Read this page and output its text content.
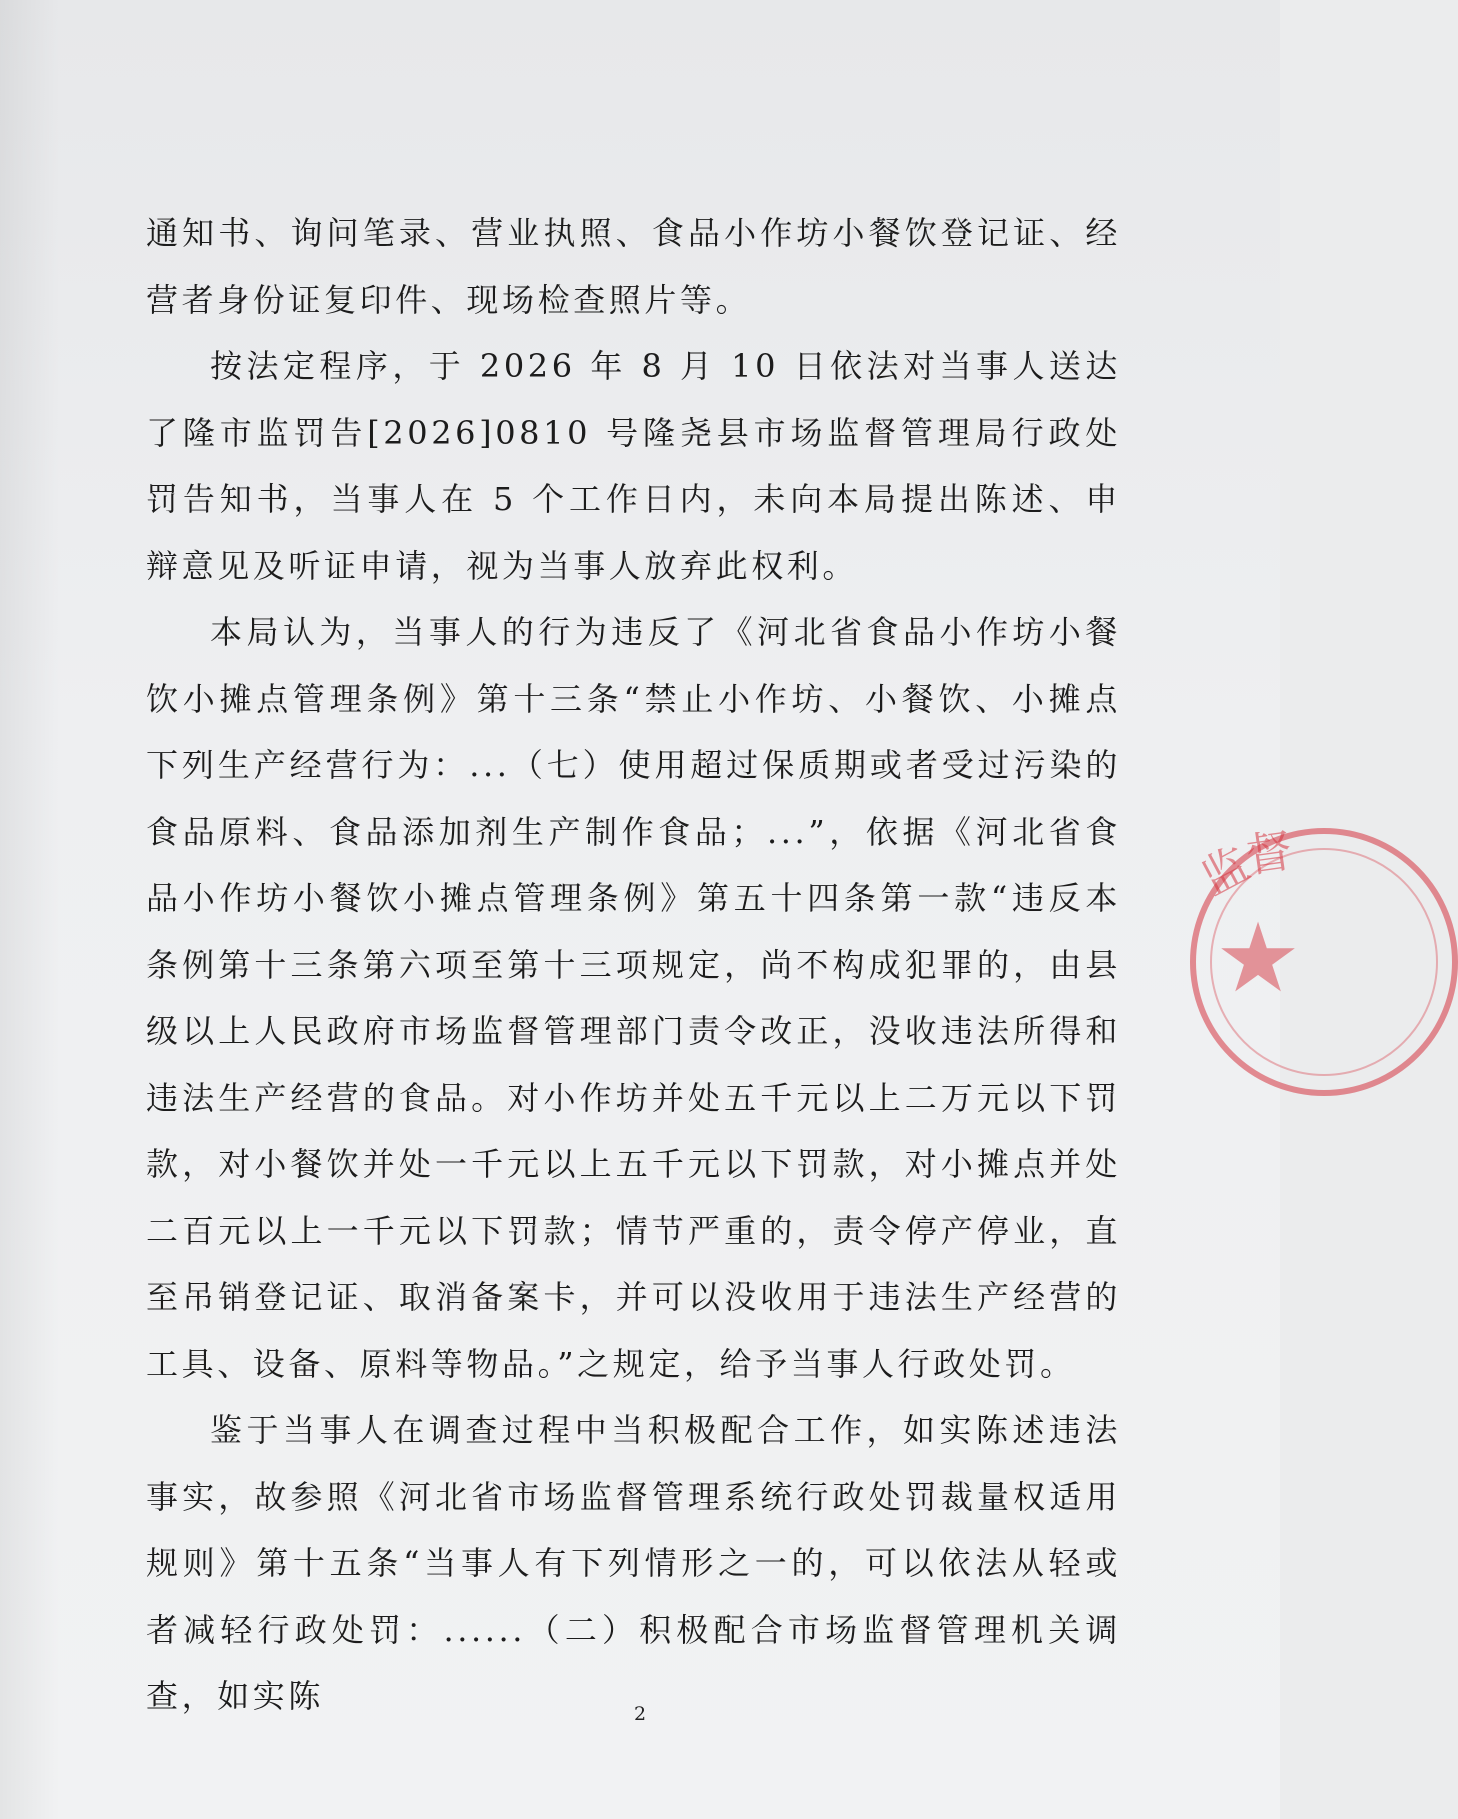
通知书、询问笔录、营业执照、食品小作坊小餐饮登记证、经营者身份证复印件、现场检查照片等。

按法定程序，于 2026 年 8 月 10 日依法对当事人送达了隆市监罚告[2026]0810 号隆尧县市场监督管理局行政处罚告知书，当事人在 5 个工作日内，未向本局提出陈述、申辩意见及听证申请，视为当事人放弃此权利。

本局认为，当事人的行为违反了《河北省食品小作坊小餐饮小摊点管理条例》第十三条“禁止小作坊、小餐饮、小摊点下列生产经营行为：...（七）使用超过保质期或者受过污染的食品原料、食品添加剂生产制作食品；...”，依据《河北省食品小作坊小餐饮小摊点管理条例》第五十四条第一款“违反本条例第十三条第六项至第十三项规定，尚不构成犯罪的，由县级以上人民政府市场监督管理部门责令改正，没收违法所得和违法生产经营的食品。对小作坊并处五千元以上二万元以下罚款，对小餐饮并处一千元以上五千元以下罚款，对小摊点并处二百元以上一千元以下罚款；情节严重的，责令停产停业，直至吊销登记证、取消备案卡，并可以没收用于违法生产经营的工具、设备、原料等物品。”之规定，给予当事人行政处罚。

鉴于当事人在调查过程中当积极配合工作，如实陈述违法事实，故参照《河北省市场监督管理系统行政处罚裁量权适用规则》第十五条“当事人有下列情形之一的，可以依法从轻或者减轻行政处罚：......（二）积极配合市场监督管理机关调查，如实陈	2
★
监
督
